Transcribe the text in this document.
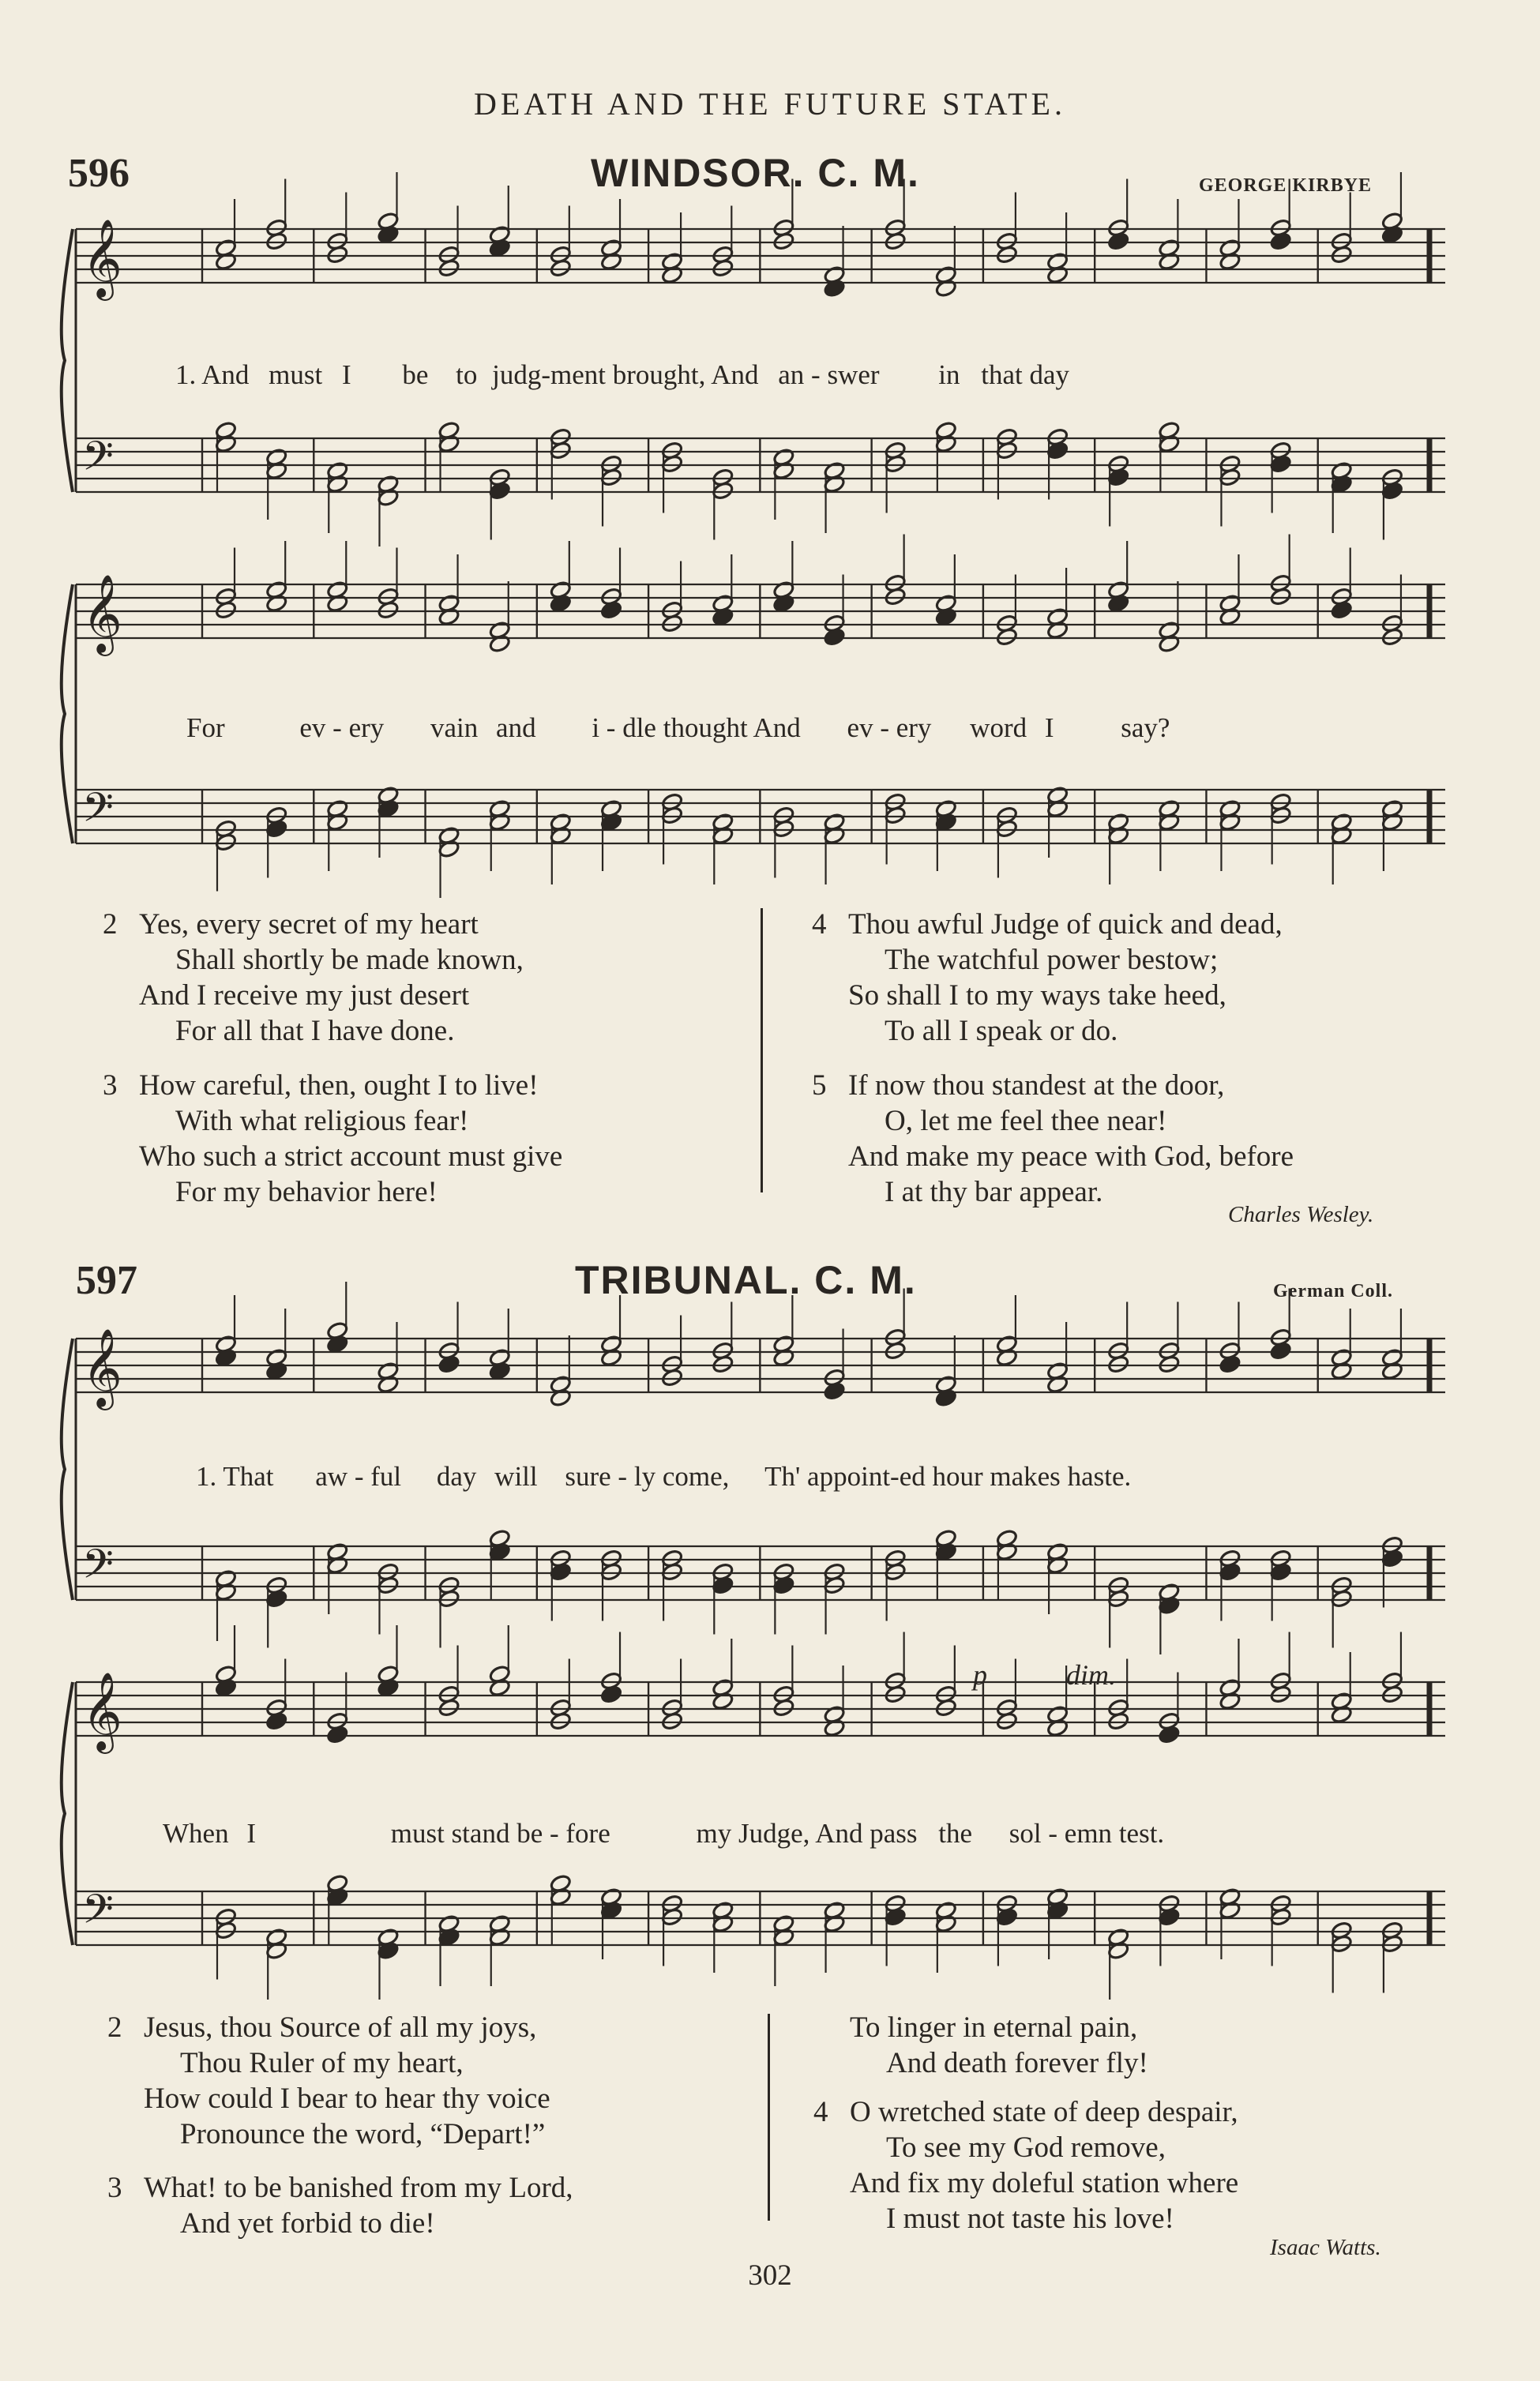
DEATH AND THE FUTURE STATE.
596	WINDSOR. C. M.	GEORGE KIRBYE
𝄞
𝄢
𝄞
𝄢
1. And must I be to judg-ment brought, And an - swer in that day
For	ev - ery vain and i - dle thought And ev - ery word I say?
2 Yes, every secret of my heart
Shall shortly be made known,
And I receive my just desert
For all that I have done.
3 How careful, then, ought I to live!
With what religious fear!
Who such a strict account must give
For my behavior here!
4 Thou awful Judge of quick and dead,
The watchful power bestow;
So shall I to my ways take heed,
To all I speak or do.
5 If now thou standest at the door,
O, let me feel thee near!
And make my peace with God, before
I at thy bar appear.
Charles Wesley.
597	TRIBUNAL. C. M.	German Coll.
𝄞
𝄢
𝄞
𝄢
p	dim.
1. That aw - ful day will sure - ly come, Th' appoint-ed hour makes haste.
When I	must stand be - fore	my Judge, And pass the sol - emn test.
2 Jesus, thou Source of all my joys,
Thou Ruler of my heart,
How could I bear to hear thy voice
Pronounce the word, “Depart!”
3 What! to be banished from my Lord,
And yet forbid to die!
To linger in eternal pain,
And death forever fly!
4 O wretched state of deep despair,
To see my God remove,
And fix my doleful station where
I must not taste his love!
Isaac Watts.
302
